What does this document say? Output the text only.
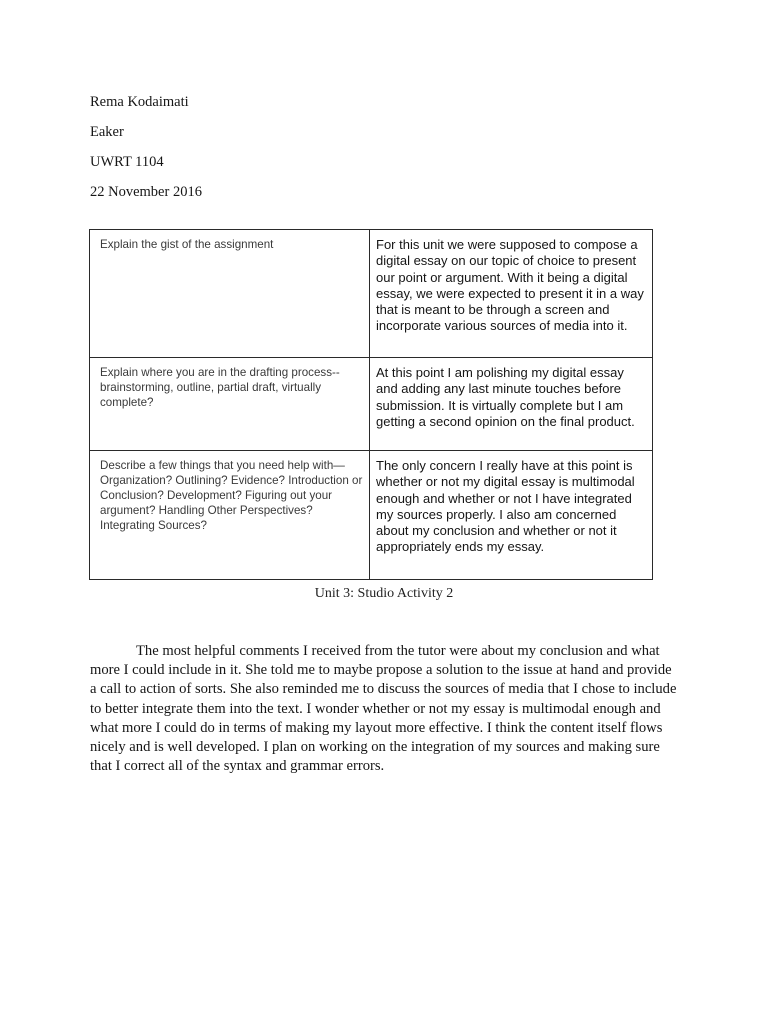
Rema Kodaimati
Eaker
UWRT 1104
22 November 2016
Explain the gist of the assignment	For this unit we were supposed to compose a digital essay on our topic of choice to present our point or argument. With it being a digital essay, we were expected to present it in a way that is meant to be through a screen and incorporate various sources of media into it.

Explain where you are in the drafting process--brainstorming, outline, partial draft, virtually complete?	At this point I am polishing my digital essay and adding any last minute touches before submission. It is virtually complete but I am getting a second opinion on the final product.

Describe a few things that you need help with—Organization? Outlining? Evidence? Introduction or Conclusion? Development? Figuring out your argument? Handling Other Perspectives? Integrating Sources?	The only concern I really have at this point is whether or not my digital essay is multimodal enough and whether or not I have integrated my sources properly. I also am concerned about my conclusion and whether or not it appropriately ends my essay.
Unit 3: Studio Activity 2

The most helpful comments I received from the tutor were about my conclusion and what more I could include in it. She told me to maybe propose a solution to the issue at hand and provide a call to action of sorts. She also reminded me to discuss the sources of media that I chose to include to better integrate them into the text. I wonder whether or not my essay is multimodal enough and what more I could do in terms of making my layout more effective. I think the content itself flows nicely and is well developed. I plan on working on the integration of my sources and making sure that I correct all of the syntax and grammar errors.
